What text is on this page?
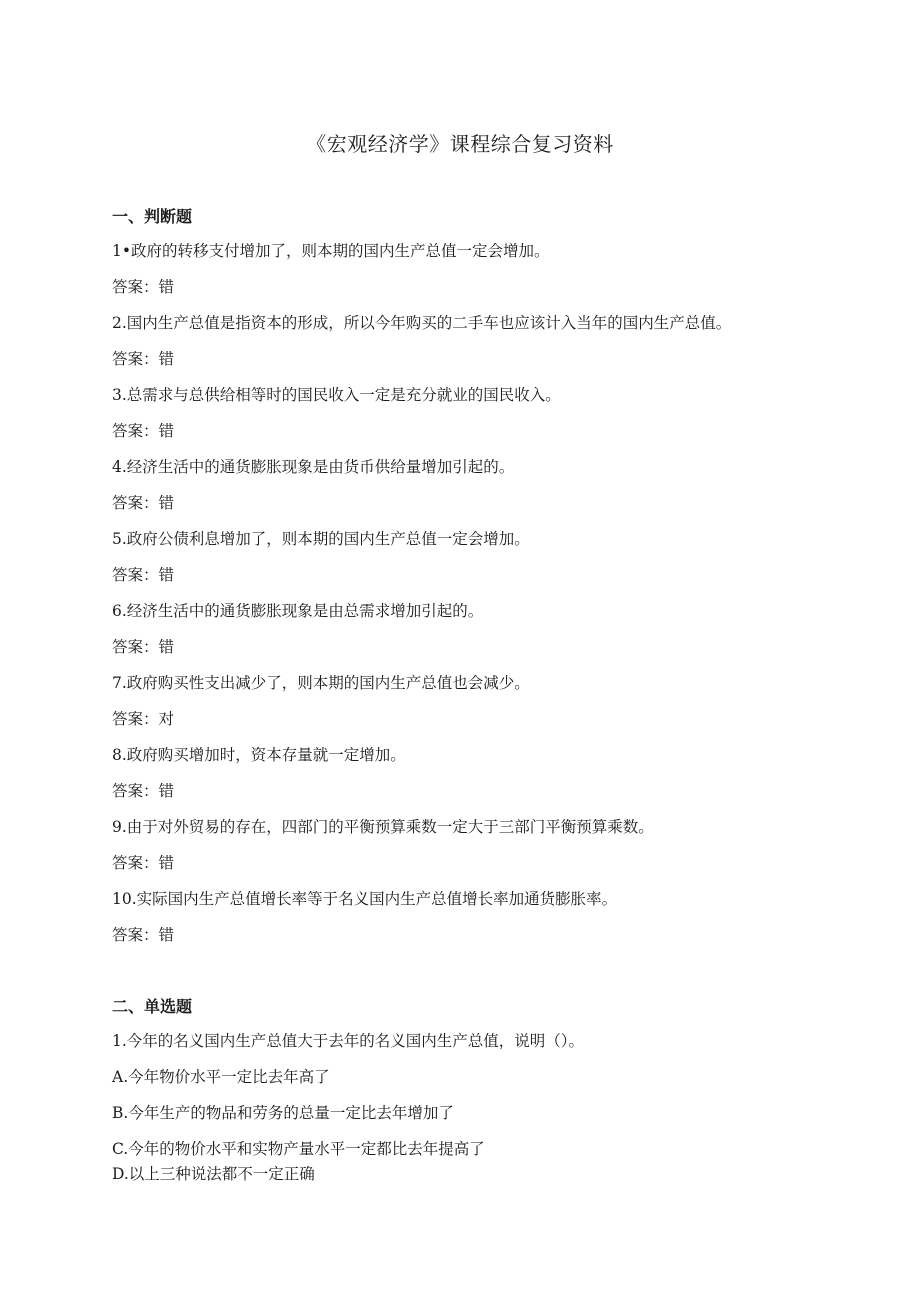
《宏观经济学》课程综合复习资料
一、判断题

1•政府的转移支付增加了，则本期的国内生产总值一定会增加。

答案：错

2.国内生产总值是指资本的形成，所以今年购买的二手车也应该计入当年的国内生产总值。

答案：错

3.总需求与总供给相等时的国民收入一定是充分就业的国民收入。

答案：错

4.经济生活中的通货膨胀现象是由货币供给量增加引起的。

答案：错

5.政府公债利息增加了，则本期的国内生产总值一定会增加。

答案：错

6.经济生活中的通货膨胀现象是由总需求增加引起的。

答案：错

7.政府购买性支出减少了，则本期的国内生产总值也会减少。

答案：对

8.政府购买增加时，资本存量就一定增加。

答案：错

9.由于对外贸易的存在，四部门的平衡预算乘数一定大于三部门平衡预算乘数。

答案：错

10.实际国内生产总值增长率等于名义国内生产总值增长率加通货膨胀率。

答案：错

二、单选题

1.今年的名义国内生产总值大于去年的名义国内生产总值，说明（）。

A.今年物价水平一定比去年高了

B.今年生产的物品和劳务的总量一定比去年增加了

C.今年的物价水平和实物产量水平一定都比去年提高了

D.以上三种说法都不一定正确
